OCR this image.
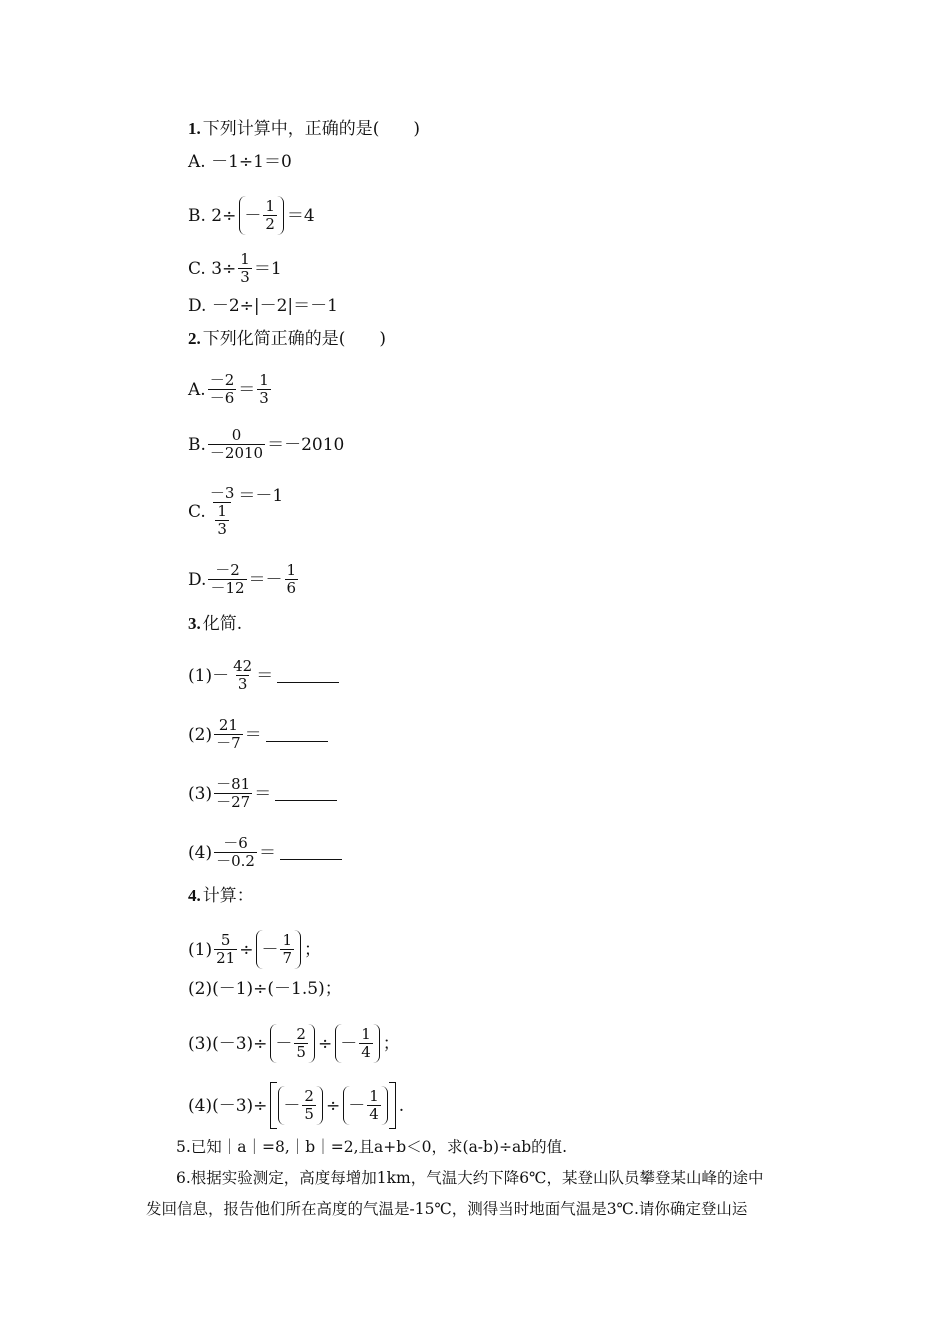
1. 下列计算中，正确的是(　　)
A. －1÷1＝0
B. $2\div - \frac{1}{2} =4$
C. $3\div \frac{1}{3} =1$
D. －2÷|－2|＝－1
2. 下列化简正确的是(　　)
A. $\frac{-2}{-6} = \frac{1}{3}$
B. $\frac{0}{-2010} =-2010$
C. $\frac{-3}{\frac{1}{3}} =-1$
D. $\frac{-2}{-12} =- \frac{1}{6}$
3. 化简.
$(1)- \frac{42}{3}$ ＝
$(2) \frac{21}{-7}$ ＝
$(3) \frac{-81}{-27}$ ＝
$(4) \frac{-6}{-0.2}$ ＝
4. 计算：
$(1) \frac{5}{21}$ ÷ － $\frac{1}{7}$ ；
(2)(－1)÷(－1.5)；
$(3)(-3)\div - \frac{2}{5}$ ÷ － $\frac{1}{4}$ ；
$(4)(-3)\div - \frac{2}{5}$ ÷ － $\frac{1}{4}$ .
5.已知｜a｜=8,｜b｜=2,且a+b＜0，求(a-b)÷ab的值.
6.根据实验测定，高度每增加1km，气温大约下降6℃，某登山队员攀登某山峰的途中
发回信息，报告他们所在高度的气温是-15℃，测得当时地面气温是3℃.请你确定登山运
